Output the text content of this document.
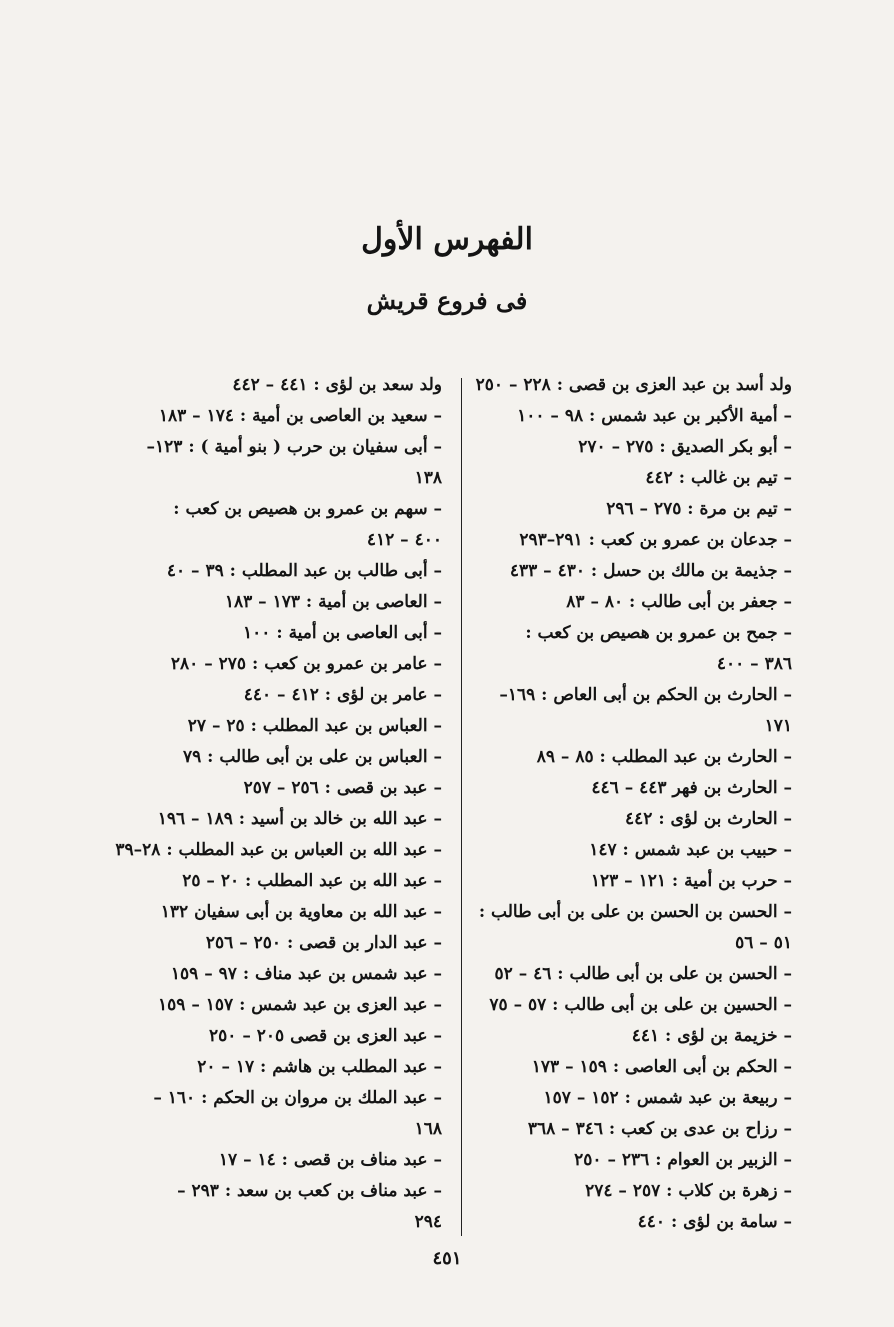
الفهرس الأول
فى فروع قريش
ولد أسد بن عبد العزى بن قصى : ٢٢٨ – ٢٥٠
– أمية الأكبر بن عبد شمس : ٩٨ – ١٠٠
– أبو بكر الصديق : ٢٧٥ – ٢٧٠
– تيم بن غالب : ٤٤٢
– تيم بن مرة : ٢٧٥ – ٢٩٦
– جدعان بن عمرو بن كعب : ٢٩١–٢٩٣
– جذيمة بن مالك بن حسل : ٤٣٠ – ٤٣٣
– جعفر بن أبى طالب : ٨٠ – ٨٣
– جمح بن عمرو بن هصيص بن كعب :
٣٨٦ – ٤٠٠
– الحارث بن الحكم بن أبى العاص : ١٦٩–
١٧١
– الحارث بن عبد المطلب : ٨٥ – ٨٩
– الحارث بن فهر ٤٤٣ – ٤٤٦
– الحارث بن لؤى : ٤٤٢
– حبيب بن عبد شمس : ١٤٧
– حرب بن أمية : ١٢١ – ١٢٣
– الحسن بن الحسن بن على بن أبى طالب :
٥١ – ٥٦
– الحسن بن على بن أبى طالب : ٤٦ – ٥٢
– الحسين بن على بن أبى طالب : ٥٧ – ٧٥
– خزيمة بن لؤى : ٤٤١
– الحكم بن أبى العاصى : ١٥٩ – ١٧٣
– ربيعة بن عبد شمس : ١٥٢ – ١٥٧
– رزاح بن عدى بن كعب : ٣٤٦ – ٣٦٨
– الزبير بن العوام : ٢٣٦ – ٢٥٠
– زهرة بن كلاب : ٢٥٧ – ٢٧٤
– سامة بن لؤى : ٤٤٠
ولد سعد بن لؤى : ٤٤١ – ٤٤٢
– سعيد بن العاصى بن أمية : ١٧٤ – ١٨٣
– أبى سفيان بن حرب ( بنو أمية ) : ١٢٣–
١٣٨
– سهم بن عمرو بن هصيص بن كعب :
٤٠٠ – ٤١٢
– أبى طالب بن عبد المطلب : ٣٩ – ٤٠
– العاصى بن أمية : ١٧٣ – ١٨٣
– أبى العاصى بن أمية : ١٠٠
– عامر بن عمرو بن كعب : ٢٧٥ – ٢٨٠
– عامر بن لؤى : ٤١٢ – ٤٤٠
– العباس بن عبد المطلب : ٢٥ – ٢٧
– العباس بن على بن أبى طالب : ٧٩
– عبد بن قصى : ٢٥٦ – ٢٥٧
– عبد الله بن خالد بن أسيد : ١٨٩ – ١٩٦
– عبد الله بن العباس بن عبد المطلب : ٢٨–٣٩
– عبد الله بن عبد المطلب : ٢٠ – ٢٥
– عبد الله بن معاوية بن أبى سفيان ١٣٢
– عبد الدار بن قصى : ٢٥٠ – ٢٥٦
– عبد شمس بن عبد مناف : ٩٧ – ١٥٩
– عبد العزى بن عبد شمس : ١٥٧ – ١٥٩
– عبد العزى بن قصى ٢٠٥ – ٢٥٠
– عبد المطلب بن هاشم : ١٧ – ٢٠
– عبد الملك بن مروان بن الحكم : ١٦٠ –
١٦٨
– عبد مناف بن قصى : ١٤ – ١٧
– عبد مناف بن كعب بن سعد : ٢٩٣ –
٢٩٤
٤٥١
